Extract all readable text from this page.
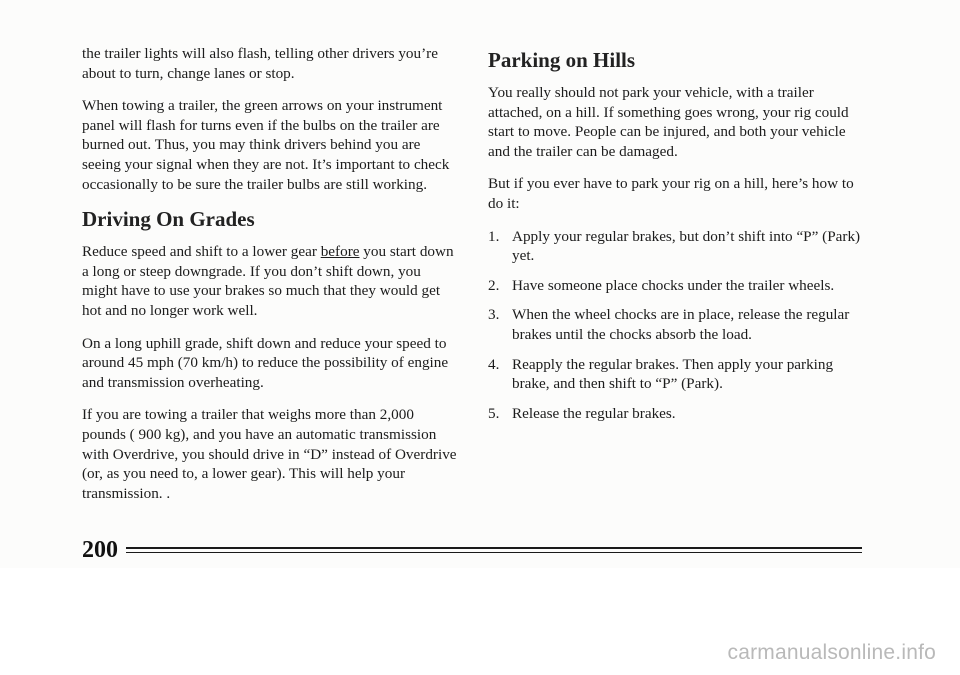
the trailer lights will also flash, telling other drivers you’re about to turn, change lanes or stop.

When towing a trailer, the green arrows on your instrument panel will flash for turns even if the bulbs on the trailer are burned out. Thus, you may think drivers behind you are seeing your signal when they are not. It’s important to check occasionally to be sure the trailer bulbs are still working.

Driving On Grades

Reduce speed and shift to a lower gear before you start down a long or steep downgrade. If you don’t shift down, you might have to use your brakes so much that they would get hot and no longer work well.

On a long uphill grade, shift down and reduce your speed to around 45 mph (70 km/h) to reduce the possibility of engine and transmission overheating.

If you are towing a trailer that weighs more than 2,000 pounds ( 900 kg), and you have an automatic transmission with Overdrive, you should drive in “D” instead of Overdrive (or, as you need to, a lower gear). This will help your transmission. .

Parking on Hills

You really should not park your vehicle, with a trailer attached, on a hill. If something goes wrong, your rig could start to move. People can be injured, and both your vehicle and the trailer can be damaged.

But if you ever have to park your rig on a hill, here’s how to do it:

1. Apply your regular brakes, but don’t shift into “P” (Park) yet.
2. Have someone place chocks under the trailer wheels.
3. When the wheel chocks are in place, release the regular brakes until the chocks absorb the load.
4. Reapply the regular brakes. Then apply your parking brake, and then shift to “P” (Park).
5. Release the regular brakes.
200
carmanualsonline.info
